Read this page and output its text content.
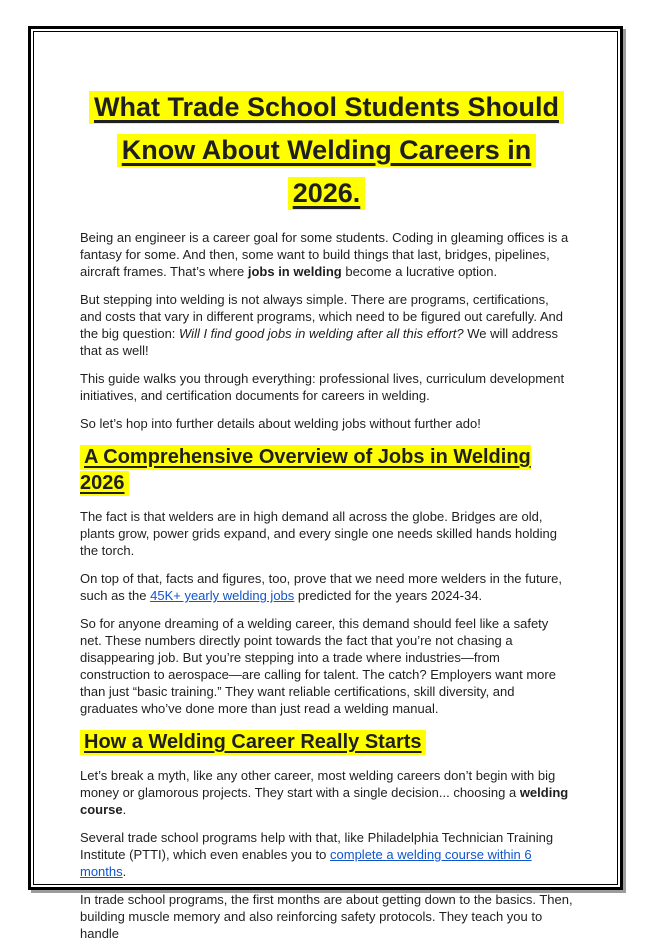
What Trade School Students Should
Know About Welding Careers in
2026.

Being an engineer is a career goal for some students. Coding in gleaming offices is a fantasy for some. And then, some want to build things that last, bridges, pipelines, aircraft frames. That’s where jobs in welding become a lucrative option.

But stepping into welding is not always simple. There are programs, certifications, and costs that vary in different programs, which need to be figured out carefully. And the big question: Will I find good jobs in welding after all this effort? We will address that as well!

This guide walks you through everything: professional lives, curriculum development initiatives, and certification documents for careers in welding.

So let’s hop into further details about welding jobs without further ado!

A Comprehensive Overview of Jobs in Welding 2026

The fact is that welders are in high demand all across the globe. Bridges are old, plants grow, power grids expand, and every single one needs skilled hands holding the torch.

On top of that, facts and figures, too, prove that we need more welders in the future, such as the 45K+ yearly welding jobs predicted for the years 2024-34.

So for anyone dreaming of a welding career, this demand should feel like a safety net. These numbers directly point towards the fact that you’re not chasing a disappearing job. But you’re stepping into a trade where industries—from construction to aerospace—are calling for talent. The catch? Employers want more than just “basic training.” They want reliable certifications, skill diversity, and graduates who’ve done more than just read a welding manual.

How a Welding Career Really Starts

Let’s break a myth, like any other career, most welding careers don’t begin with big money or glamorous projects. They start with a single decision... choosing a welding course.

Several trade school programs help with that, like Philadelphia Technician Training Institute (PTTI), which even enables you to complete a welding course within 6 months.

In trade school programs, the first months are about getting down to the basics. Then, building muscle memory and also reinforcing safety protocols. They teach you to handle
